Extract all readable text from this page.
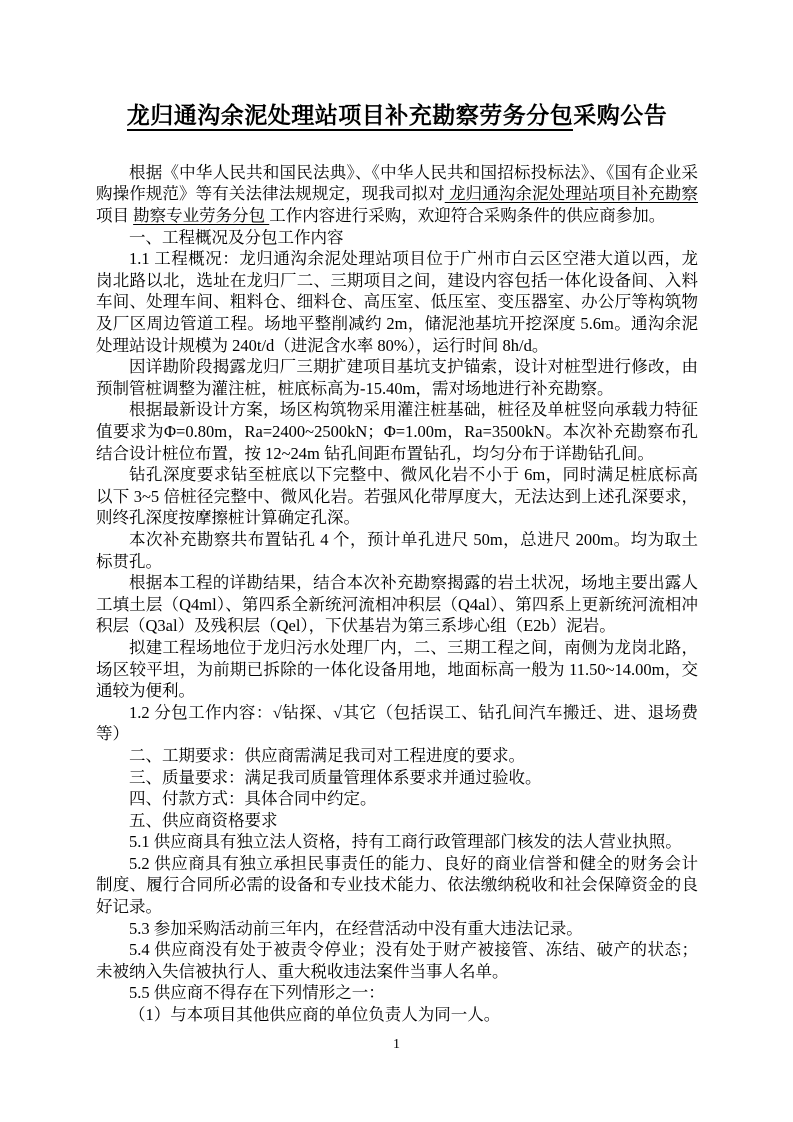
龙归通沟余泥处理站项目补充勘察劳务分包采购公告

根据《中华人民共和国民法典》、《中华人民共和国招标投标法》、《国有企业采购操作规范》等有关法律法规规定，现我司拟对 龙归通沟余泥处理站项目补充勘察 项目 勘察专业劳务分包 工作内容进行采购，欢迎符合采购条件的供应商参加。

一、工程概况及分包工作内容

1.1 工程概况：龙归通沟余泥处理站项目位于广州市白云区空港大道以西，龙岗北路以北，选址在龙归厂二、三期项目之间，建设内容包括一体化设备间、入料车间、处理车间、粗料仓、细料仓、高压室、低压室、变压器室、办公厅等构筑物及厂区周边管道工程。场地平整削减约 2m，储泥池基坑开挖深度 5.6m。通沟余泥处理站设计规模为 240t/d（进泥含水率 80%），运行时间 8h/d。

因详勘阶段揭露龙归厂三期扩建项目基坑支护锚索，设计对桩型进行修改，由预制管桩调整为灌注桩，桩底标高为-15.40m，需对场地进行补充勘察。

根据最新设计方案，场区构筑物采用灌注桩基础，桩径及单桩竖向承载力特征值要求为Φ=0.80m，Ra=2400~2500kN；Φ=1.00m，Ra=3500kN。本次补充勘察布孔结合设计桩位布置，按 12~24m 钻孔间距布置钻孔，均匀分布于详勘钻孔间。

钻孔深度要求钻至桩底以下完整中、微风化岩不小于 6m，同时满足桩底标高以下 3~5 倍桩径完整中、微风化岩。若强风化带厚度大，无法达到上述孔深要求，则终孔深度按摩擦桩计算确定孔深。

本次补充勘察共布置钻孔 4 个，预计单孔进尺 50m，总进尺 200m。均为取土标贯孔。

根据本工程的详勘结果，结合本次补充勘察揭露的岩土状况，场地主要出露人工填土层（Q4ml）、第四系全新统河流相冲积层（Q4al）、第四系上更新统河流相冲积层（Q3al）及残积层（Qel），下伏基岩为第三系埗心组（E2b）泥岩。

拟建工程场地位于龙归污水处理厂内，二、三期工程之间，南侧为龙岗北路，场区较平坦，为前期已拆除的一体化设备用地，地面标高一般为 11.50~14.00m，交通较为便利。

1.2 分包工作内容：√钻探、√其它（包括误工、钻孔间汽车搬迁、进、退场费等）

二、工期要求：供应商需满足我司对工程进度的要求。

三、质量要求：满足我司质量管理体系要求并通过验收。

四、付款方式：具体合同中约定。

五、供应商资格要求

5.1 供应商具有独立法人资格，持有工商行政管理部门核发的法人营业执照。

5.2 供应商具有独立承担民事责任的能力、良好的商业信誉和健全的财务会计制度、履行合同所必需的设备和专业技术能力、依法缴纳税收和社会保障资金的良好记录。

5.3 参加采购活动前三年内，在经营活动中没有重大违法记录。

5.4 供应商没有处于被责令停业；没有处于财产被接管、冻结、破产的状态；未被纳入失信被执行人、重大税收违法案件当事人名单。

5.5 供应商不得存在下列情形之一：

（1）与本项目其他供应商的单位负责人为同一人。

1
